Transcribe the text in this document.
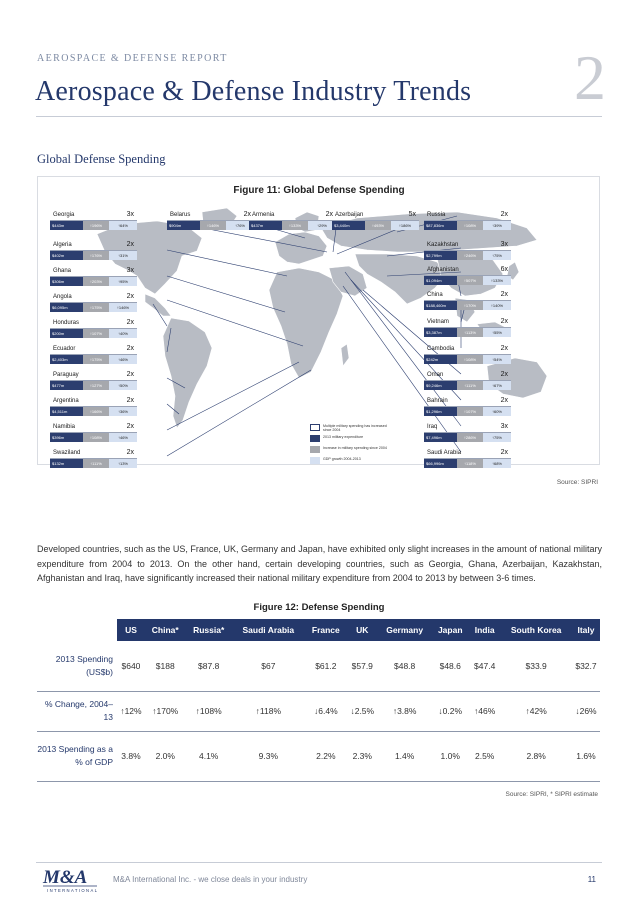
AEROSPACE & DEFENSE REPORT
Aerospace & Defense Industry Trends 2
Global Defense Spending
Figure 11: Global Defense Spending
Georgia	3x
$443m	↑196%	↑64%
Belarus	2x
$904m	↑146%	↑76%
Armenia	2x
$437m	↑133%	↑29%
Azerbaijan	5x
$3,440m	↑493%	↑186%
Russia	2x
$87,836m	↑108%	↑39%
Algeria	2x
$402m	↑176%	↑31%
Ghana	3x
$306m	↑203%	↑95%
Angola	2x
$6,095m	↑175%	↑146%
Honduras	2x
$200m	↑107%	↑40%
Ecuador	2x
$2,403m	↑175%	↑46%
Paraguay	2x
$477m	↑127%	↑50%
Argentina	2x
$4,511m	↑166%	↑36%
Namibia	2x
$396m	↑108%	↑46%
Swaziland	2x
$132m	↑111%	↑13%
Kazakhstan	3x
$2,799m	↑246%	↑75%
Afghanistan	6x
$1,094m	↑507%	↑133%
China	2x
$188,460m	↑170%	↑140%
Vietnam	2x
$3,387m	↑113%	↑55%
Cambodia	2x
$242m	↑108%	↑54%
Oman	2x
$9,246m	↑111%	↑67%
Bahrain	2x
$1,296m	↑107%	↑60%
Iraq	3x
$7,496m	↑286%	↑75%
Saudi Arabia	2x
$66,996m	↑118%	↑68%
Multiple military spending has increased since 2004
2013 military expenditure
Increase in military spending since 2004
GDP growth 2004-2013
Source: SIPRI
Developed countries, such as the US, France, UK, Germany and Japan, have exhibited only slight increases in the amount of national military expenditure from 2004 to 2013. On the other hand, certain developing countries, such as Georgia, Ghana, Azerbaijan, Kazakhstan, Afghanistan and Iraq, have significantly increased their national military expenditure from 2004 to 2013 by between 3-6 times.
Figure 12: Defense Spending
	US	China*	Russia*	Saudi Arabia	France	UK	Germany	Japan	India	South Korea	Italy
2013 Spending (US$b)	$640	$188	$87.8	$67	$61.2	$57.9	$48.8	$48.6	$47.4	$33.9	$32.7
% Change, 2004–13	↑12%	↑170%	↑108%	↑118%	↓6.4%	↓2.5%	↑3.8%	↓0.2%	↑46%	↑42%	↓26%
2013 Spending as a % of GDP	3.8%	2.0%	4.1%	9.3%	2.2%	2.3%	1.4%	1.0%	2.5%	2.8%	1.6%
Source: SIPRI, * SIPRI estimate
M&A
INTERNATIONAL
M&A International Inc. - we close deals in your industry	11
